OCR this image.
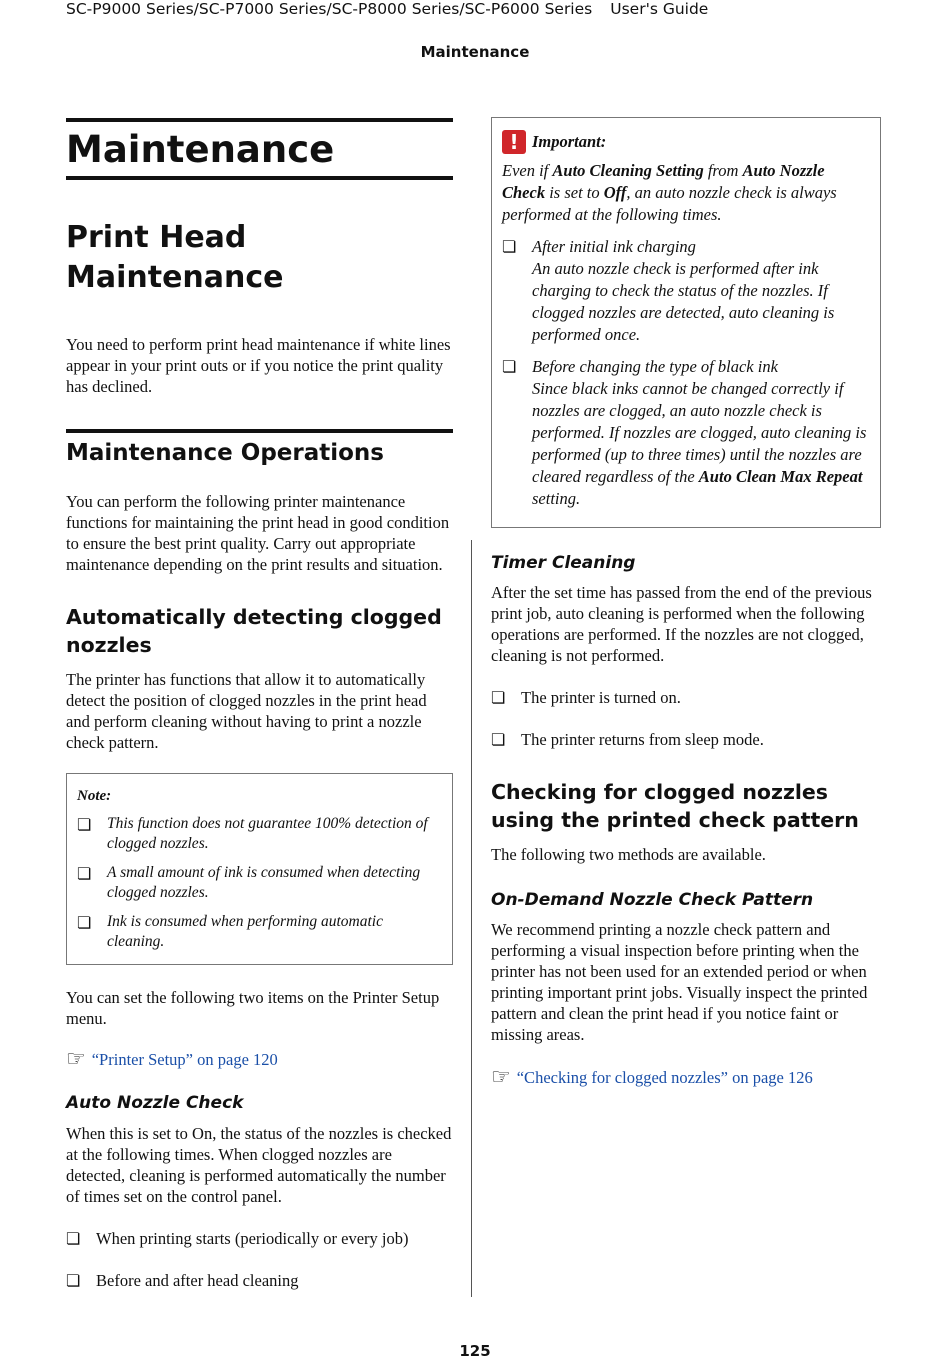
SC-P9000 Series/SC-P7000 Series/SC-P8000 Series/SC-P6000 Series User's Guide
Maintenance
Maintenance
Print Head Maintenance

You need to perform print head maintenance if white lines appear in your print outs or if you notice the print quality has declined.

Maintenance Operations

You can perform the following printer maintenance functions for maintaining the print head in good condition to ensure the best print quality. Carry out appropriate maintenance depending on the print results and situation.

Automatically detecting clogged nozzles

The printer has functions that allow it to automatically detect the position of clogged nozzles in the print head and perform cleaning without having to print a nozzle check pattern.

Note:
❏	This function does not guarantee 100% detection of clogged nozzles.

❏	A small amount of ink is consumed when detecting clogged nozzles.

❏	Ink is consumed when performing automatic cleaning.

You can set the following two items on the Printer Setup menu.

☞ “Printer Setup” on page 120
Auto Nozzle Check

When this is set to On, the status of the nozzles is checked at the following times. When clogged nozzles are detected, cleaning is performed automatically the number of times set on the control panel.

❏ When printing starts (periodically or every job)

❏ Before and after head cleaning

! Important:

Even if Auto Cleaning Setting from Auto Nozzle Check is set to Off, an auto nozzle check is always performed at the following times.

❏ After initial ink charging
An auto nozzle check is performed after ink charging to check the status of the nozzles. If clogged nozzles are detected, auto cleaning is performed once.

❏ Before changing the type of black ink
Since black inks cannot be changed correctly if nozzles are clogged, an auto nozzle check is performed. If nozzles are clogged, auto cleaning is performed (up to three times) until the nozzles are cleared regardless of the Auto Clean Max Repeat setting.

Timer Cleaning

After the set time has passed from the end of the previous print job, auto cleaning is performed when the following operations are performed. If the nozzles are not clogged, cleaning is not performed.

❏ The printer is turned on.

❏ The printer returns from sleep mode.

Checking for clogged nozzles using the printed check pattern

The following two methods are available.

On-Demand Nozzle Check Pattern

We recommend printing a nozzle check pattern and performing a visual inspection before printing when the printer has not been used for an extended period or when printing important print jobs. Visually inspect the printed pattern and clean the print head if you notice faint or missing areas.

☞ “Checking for clogged nozzles” on page 126
125
